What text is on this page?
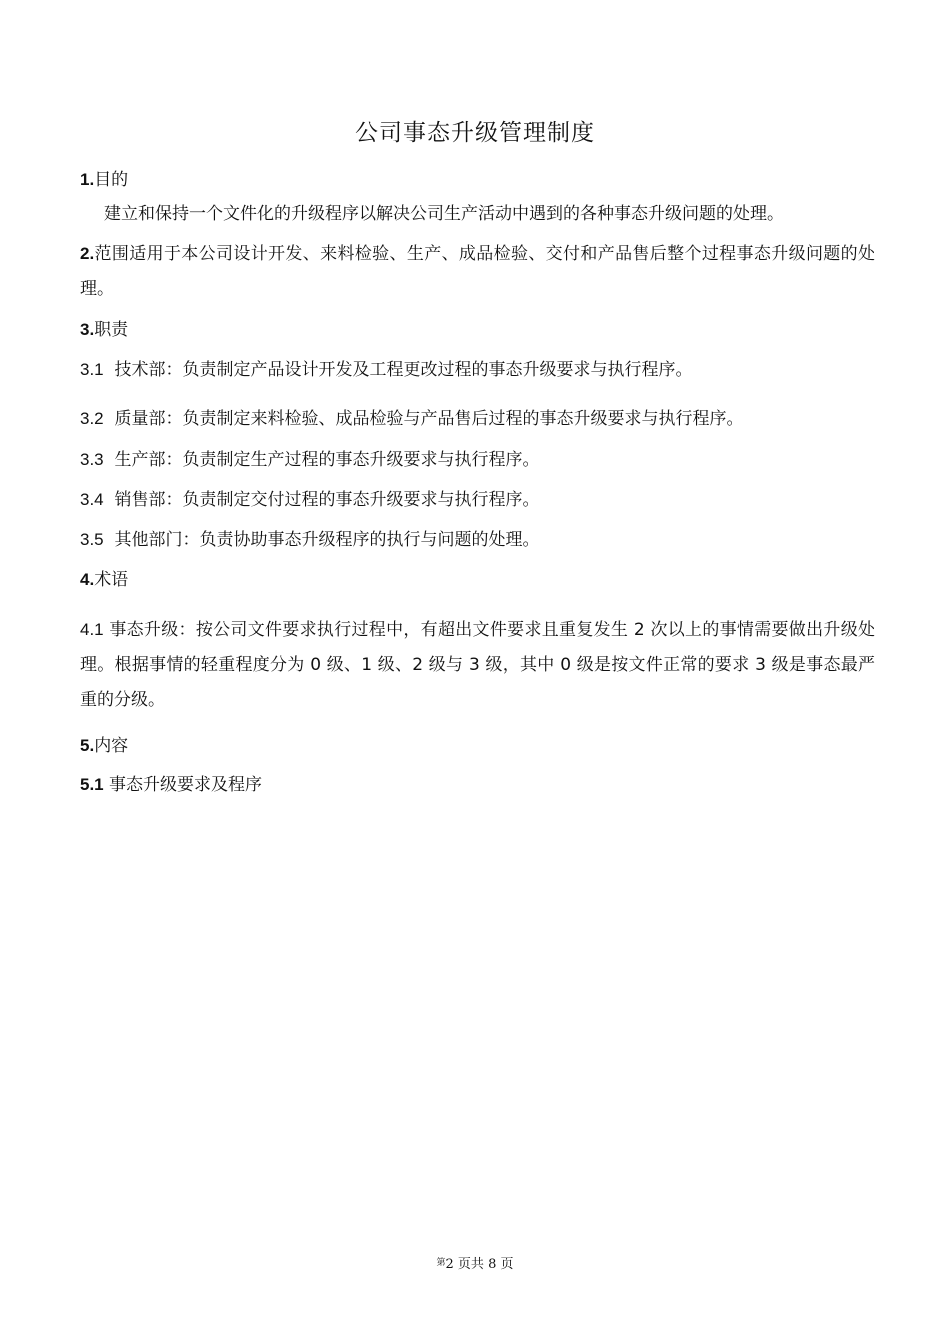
公司事态升级管理制度
1.目的
建立和保持一个文件化的升级程序以解决公司生产活动中遇到的各种事态升级问题的处理。
2.范围适用于本公司设计开发、来料检验、生产、成品检验、交付和产品售后整个过程事态升级问题的处理。
3.职责
3.1 技术部：负责制定产品设计开发及工程更改过程的事态升级要求与执行程序。
3.2 质量部：负责制定来料检验、成品检验与产品售后过程的事态升级要求与执行程序。
3.3 生产部：负责制定生产过程的事态升级要求与执行程序。
3.4 销售部：负责制定交付过程的事态升级要求与执行程序。
3.5 其他部门：负责协助事态升级程序的执行与问题的处理。
4.术语
4.1 事态升级：按公司文件要求执行过程中，有超出文件要求且重复发生 2 次以上的事情需要做出升级处理。根据事情的轻重程度分为 0 级、1 级、2 级与 3 级，其中 0 级是按文件正常的要求 3 级是事态最严重的分级。
5.内容
5.1 事态升级要求及程序
$^第$2 页共 8 页
